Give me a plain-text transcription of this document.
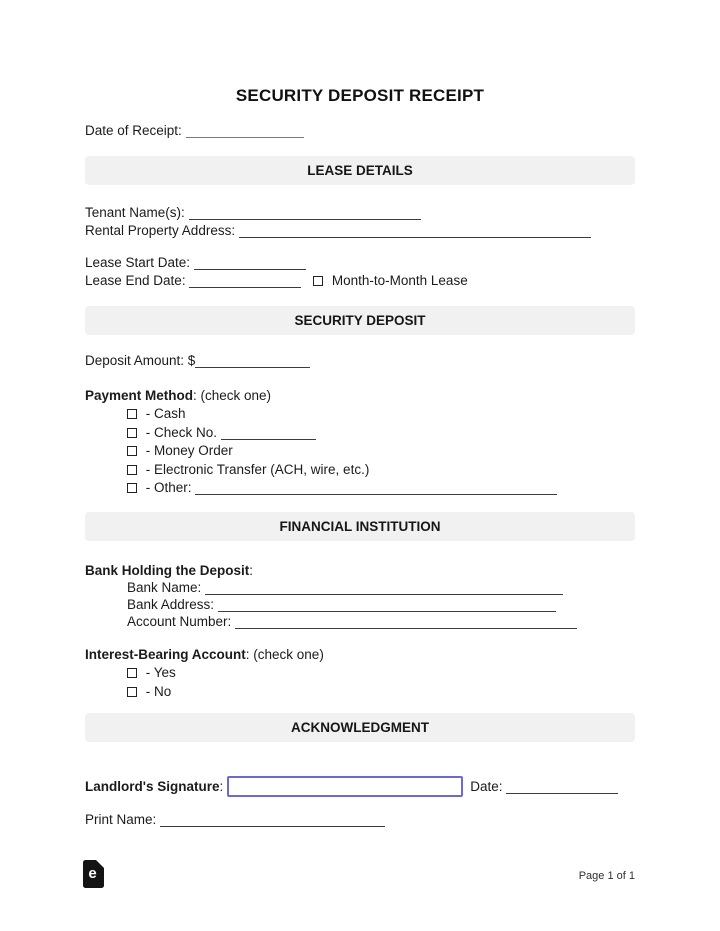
SECURITY DEPOSIT RECEIPT
Date of Receipt:
LEASE DETAILS
Tenant Name(s):
Rental Property Address:
Lease Start Date:
Lease End Date:	Month-to-Month Lease
SECURITY DEPOSIT
Deposit Amount: $
Payment Method: (check one)
- Cash
- Check No.
- Money Order
- Electronic Transfer (ACH, wire, etc.)
- Other:
FINANCIAL INSTITUTION
Bank Holding the Deposit:
Bank Name:
Bank Address:
Account Number:
Interest-Bearing Account: (check one)
- Yes
- No
ACKNOWLEDGMENT
Landlord's Signature:	Date:
Print Name:
e	Page 1 of 1
